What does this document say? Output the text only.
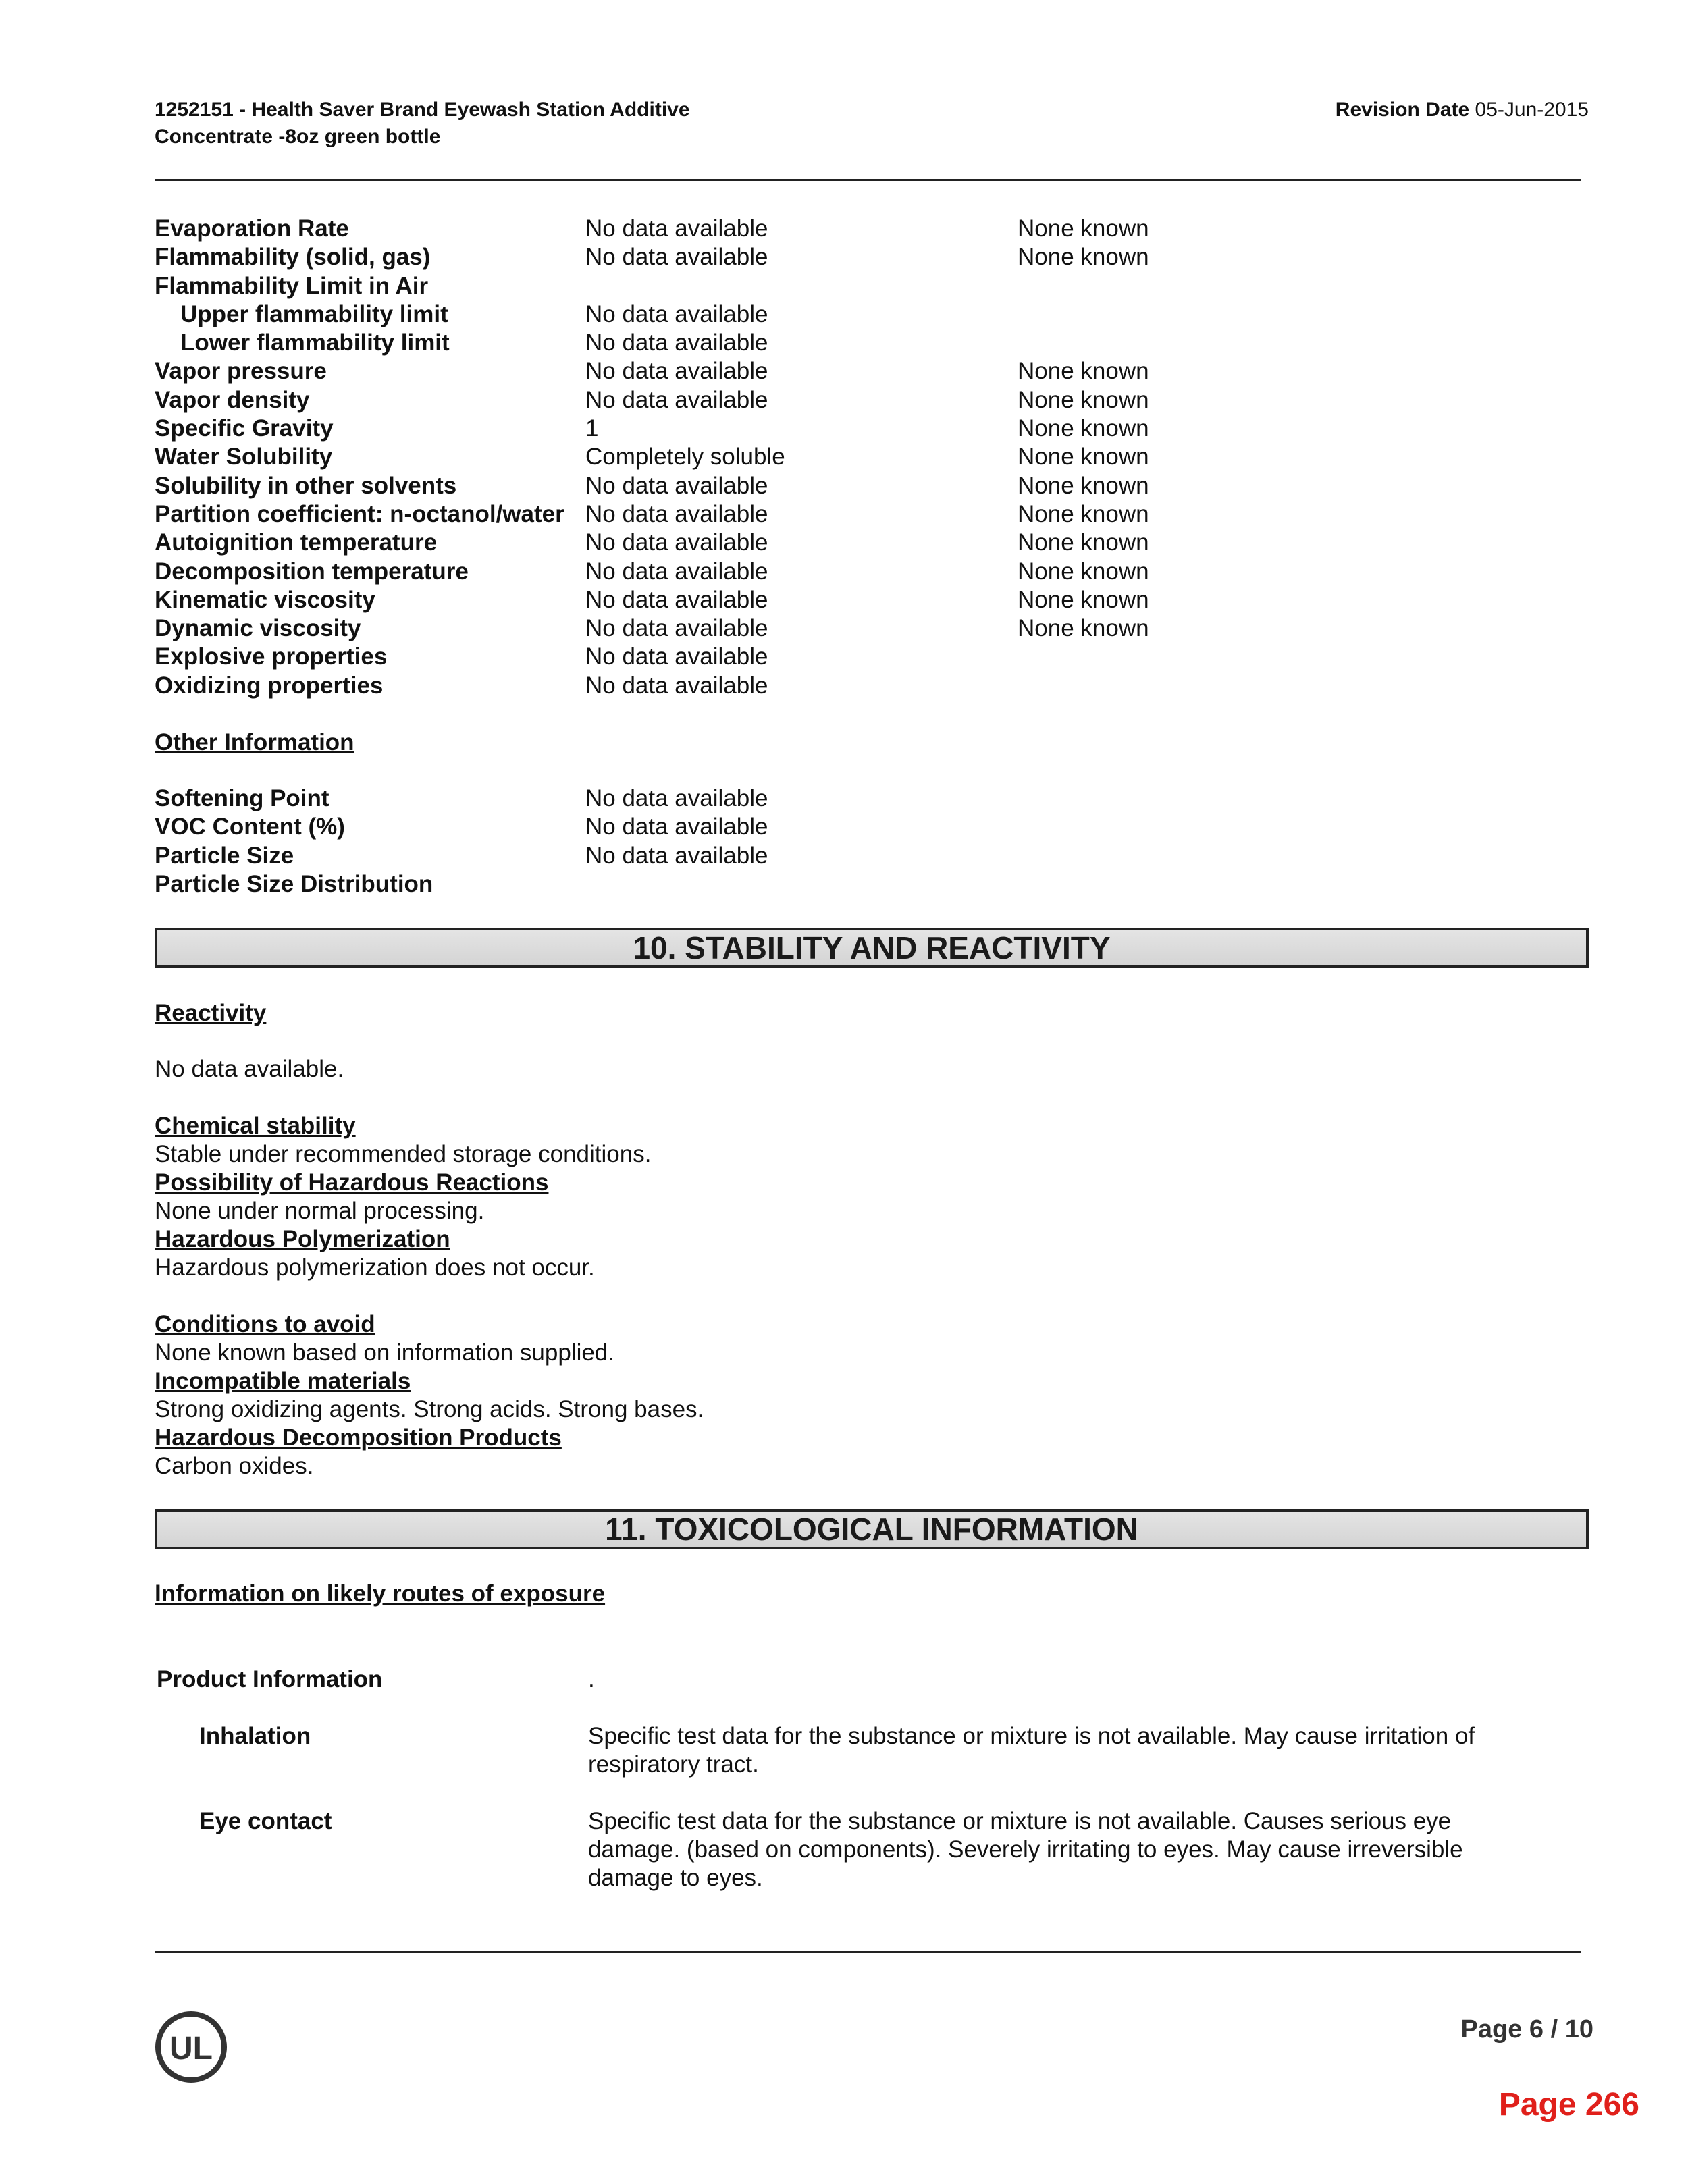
1252151 - Health Saver Brand Eyewash Station Additive
Concentrate -8oz green bottle
Revision Date 05-Jun-2015
Evaporation Rate	No data available	None known
Flammability (solid, gas)	No data available	None known
Flammability Limit in Air
Upper flammability limit	No data available
Lower flammability limit	No data available
Vapor pressure	No data available	None known
Vapor density	No data available	None known
Specific Gravity	1	None known
Water Solubility	Completely soluble	None known
Solubility in other solvents	No data available	None known
Partition coefficient: n-octanol/water No data available	None known
Autoignition temperature	No data available	None known
Decomposition temperature	No data available	None known
Kinematic viscosity	No data available	None known
Dynamic viscosity	No data available	None known
Explosive properties	No data available
Oxidizing properties	No data available
Other Information
Softening Point	No data available
VOC Content (%)	No data available
Particle Size	No data available
Particle Size Distribution
10. STABILITY AND REACTIVITY
Reactivity
No data available.
Chemical stability
Stable under recommended storage conditions.
Possibility of Hazardous Reactions
None under normal processing.
Hazardous Polymerization
Hazardous polymerization does not occur.
Conditions to avoid
None known based on information supplied.
Incompatible materials
Strong oxidizing agents. Strong acids. Strong bases.
Hazardous Decomposition Products
Carbon oxides.
11. TOXICOLOGICAL INFORMATION
Information on likely routes of exposure
Product Information	.
Inhalation	Specific test data for the substance or mixture is not available. May cause irritation of
respiratory tract.
Eye contact	Specific test data for the substance or mixture is not available. Causes serious eye
damage. (based on components). Severely irritating to eyes. May cause irreversible
damage to eyes.
UL
Page 6 / 10
Page 266
